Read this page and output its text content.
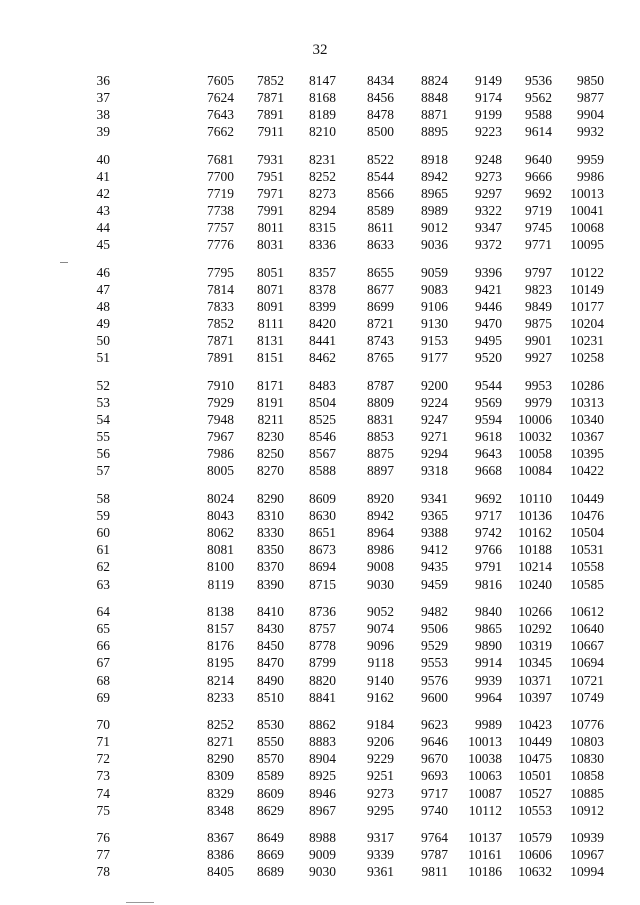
32
36	7605	7852	8147	8434	8824	9149	9536	9850
37	7624	7871	8168	8456	8848	9174	9562	9877
38	7643	7891	8189	8478	8871	9199	9588	9904
39	7662	7911	8210	8500	8895	9223	9614	9932
40	7681	7931	8231	8522	8918	9248	9640	9959
41	7700	7951	8252	8544	8942	9273	9666	9986
42	7719	7971	8273	8566	8965	9297	9692	10013
43	7738	7991	8294	8589	8989	9322	9719	10041
44	7757	8011	8315	8611	9012	9347	9745	10068
45	7776	8031	8336	8633	9036	9372	9771	10095
46	7795	8051	8357	8655	9059	9396	9797	10122
47	7814	8071	8378	8677	9083	9421	9823	10149
48	7833	8091	8399	8699	9106	9446	9849	10177
49	7852	8111	8420	8721	9130	9470	9875	10204
50	7871	8131	8441	8743	9153	9495	9901	10231
51	7891	8151	8462	8765	9177	9520	9927	10258
52	7910	8171	8483	8787	9200	9544	9953	10286
53	7929	8191	8504	8809	9224	9569	9979	10313
54	7948	8211	8525	8831	9247	9594	10006	10340
55	7967	8230	8546	8853	9271	9618	10032	10367
56	7986	8250	8567	8875	9294	9643	10058	10395
57	8005	8270	8588	8897	9318	9668	10084	10422
58	8024	8290	8609	8920	9341	9692	10110	10449
59	8043	8310	8630	8942	9365	9717	10136	10476
60	8062	8330	8651	8964	9388	9742	10162	10504
61	8081	8350	8673	8986	9412	9766	10188	10531
62	8100	8370	8694	9008	9435	9791	10214	10558
63	8119	8390	8715	9030	9459	9816	10240	10585
64	8138	8410	8736	9052	9482	9840	10266	10612
65	8157	8430	8757	9074	9506	9865	10292	10640
66	8176	8450	8778	9096	9529	9890	10319	10667
67	8195	8470	8799	9118	9553	9914	10345	10694
68	8214	8490	8820	9140	9576	9939	10371	10721
69	8233	8510	8841	9162	9600	9964	10397	10749
70	8252	8530	8862	9184	9623	9989	10423	10776
71	8271	8550	8883	9206	9646	10013	10449	10803
72	8290	8570	8904	9229	9670	10038	10475	10830
73	8309	8589	8925	9251	9693	10063	10501	10858
74	8329	8609	8946	9273	9717	10087	10527	10885
75	8348	8629	8967	9295	9740	10112	10553	10912
76	8367	8649	8988	9317	9764	10137	10579	10939
77	8386	8669	9009	9339	9787	10161	10606	10967
78	8405	8689	9030	9361	9811	10186	10632	10994
